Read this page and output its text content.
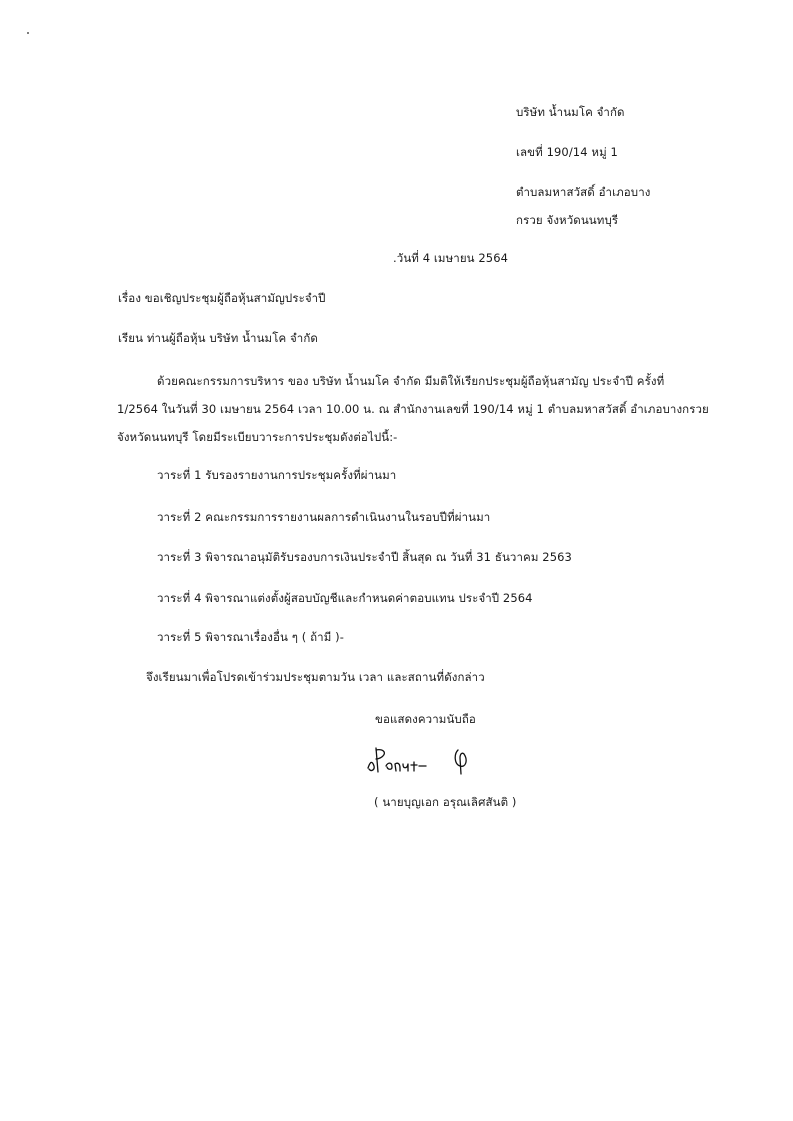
บริษัท น้ำนมโค จำกัด
เลขที่ 190/14 หมู่ 1
ตำบลมหาสวัสดิ์ อำเภอบาง
กรวย จังหวัดนนทบุรี
.วันที่ 4 เมษายน 2564
เรื่อง ขอเชิญประชุมผู้ถือหุ้นสามัญประจำปี
เรียน ท่านผู้ถือหุ้น บริษัท น้ำนมโค จำกัด
ด้วยคณะกรรมการบริหาร ของ บริษัท น้ำนมโค จำกัด มีมติให้เรียกประชุมผู้ถือหุ้นสามัญ ประจำปี ครั้งที่
1/2564 ในวันที่ 30 เมษายน 2564 เวลา 10.00 น. ณ สำนักงานเลขที่ 190/14 หมู่ 1 ตำบลมหาสวัสดิ์ อำเภอบางกรวย
จังหวัดนนทบุรี โดยมีระเบียบวาระการประชุมดังต่อไปนี้:-
วาระที่ 1 รับรองรายงานการประชุมครั้งที่ผ่านมา
วาระที่ 2 คณะกรรมการรายงานผลการดำเนินงานในรอบปีที่ผ่านมา
วาระที่ 3 พิจารณาอนุมัติรับรองบการเงินประจำปี สิ้นสุด ณ วันที่ 31 ธันวาคม 2563
วาระที่ 4 พิจารณาแต่งตั้งผู้สอบบัญชีและกำหนดค่าตอบแทน ประจำปี 2564
วาระที่ 5 พิจารณาเรื่องอื่น ๆ ( ถ้ามี )-
จึงเรียนมาเพื่อโปรดเข้าร่วมประชุมตามวัน เวลา และสถานที่ดังกล่าว
ขอแสดงความนับถือ
( นายบุญเอก อรุณเลิศสันติ )
